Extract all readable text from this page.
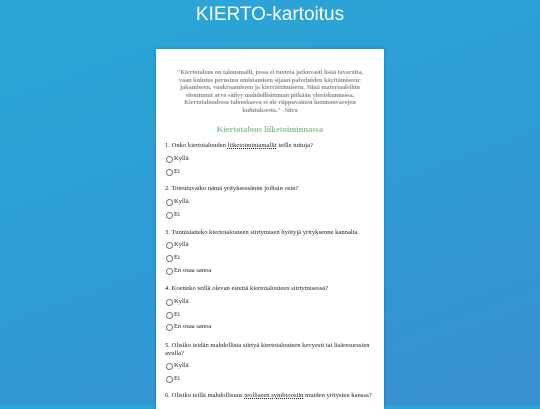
KIERTO-kartoitus
"Kiertotalous on talousmalli, jossa ei tuoteta jatkuvasti lisää tavaroita, vaan kulutus perustuu omistamisen sijaan palveluiden käyttämiseen: jakamiseen, vuokraamiseen ja kierrättämiseen. Siinä materiaaleihin sitoutunut arvo säilyy mahdollisimman pitkään yhteiskunnassa. Kiertotaloudessa talouskasvu ei ole riippuvainen luonnonvarojen kulutuksesta." -Sitra
Kiertotalous liiketoiminnassa
1. Onko kiertotalouden liiketoimintamallit teille tuttuja?
Kyllä
Ei
2. Toteutuvatko nämä yrityksessänne joiltain osin?
Kyllä
Ei
3. Tunnistatteko kiertotalouteen siirtymisen hyötyjä yrityksenne kannalta.
Kyllä
Ei
En osaa sanoa
4. Koetteko teillä olevan esteitä kiertotalouteen siirtymisessä?
Kyllä
Ei
En osaa sanoa
5. Olisiko teidän mahdollista siirtyä kiertotalouteen kevyesti tai lisäresurssien avulla?
Kyllä
Ei
6. Olisiko teillä mahdollisuus teolliseen symbioosiin muiden yritysten kanssa?
